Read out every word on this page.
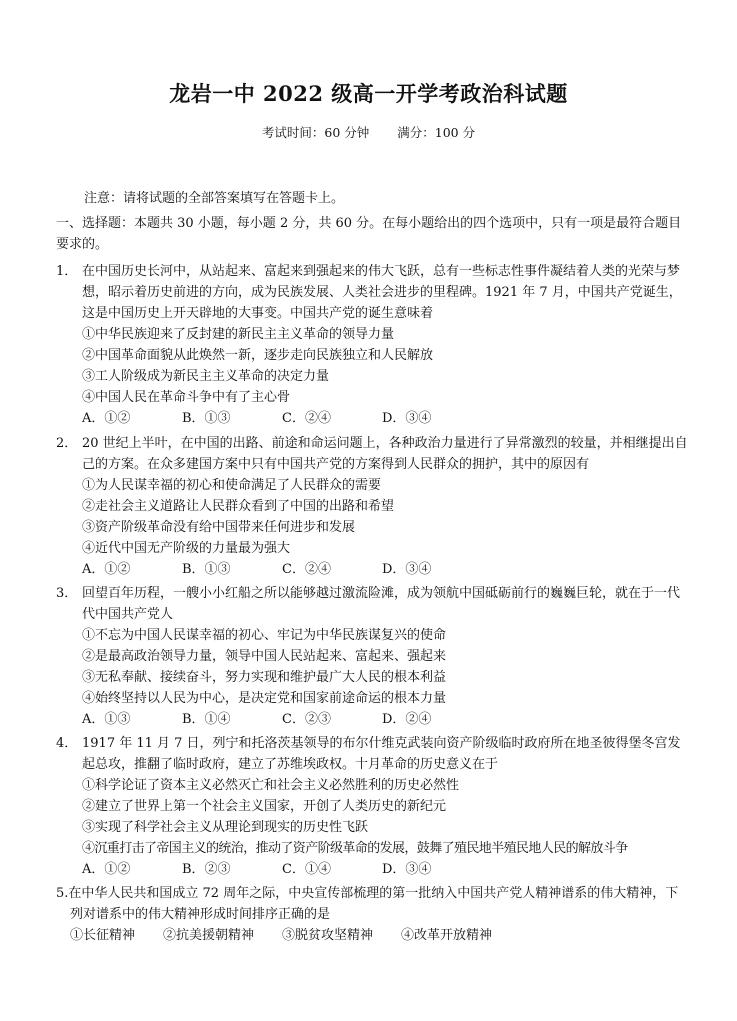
龙岩一中 2022 级高一开学考政治科试题

考试时间：60 分钟 满分：100 分

注意：请将试题的全部答案填写在答题卡上。

一、选择题：本题共 30 小题，每小题 2 分，共 60 分。在每小题给出的四个选项中，只有一项是最符合题目要求的。

1． 在中国历史长河中，从站起来、富起来到强起来的伟大飞跃，总有一些标志性事件凝结着人类的光荣与梦想，昭示着历史前进的方向，成为民族发展、人类社会进步的里程碑。1921 年 7 月，中国共产党诞生，这是中国历史上开天辟地的大事变。中国共产党的诞生意味着

①中华民族迎来了反封建的新民主主义革命的领导力量

②中国革命面貌从此焕然一新，逐步走向民族独立和人民解放

③工人阶级成为新民主主义革命的决定力量

④中国人民在革命斗争中有了主心骨

A．①②	B．①③	C．②④	D．③④

2． 20 世纪上半叶，在中国的出路、前途和命运问题上，各种政治力量进行了异常激烈的较量，并相继提出自己的方案。在众多建国方案中只有中国共产党的方案得到人民群众的拥护，其中的原因有

①为人民谋幸福的初心和使命满足了人民群众的需要

②走社会主义道路让人民群众看到了中国的出路和希望

③资产阶级革命没有给中国带来任何进步和发展

④近代中国无产阶级的力量最为强大

A．①②	B．①③	C．②④	D．③④

3． 回望百年历程，一艘小小红船之所以能够越过激流险滩，成为领航中国砥砺前行的巍巍巨轮，就在于一代代中国共产党人

①不忘为中国人民谋幸福的初心、牢记为中华民族谋复兴的使命

②是最高政治领导力量，领导中国人民站起来、富起来、强起来

③无私奉献、接续奋斗，努力实现和维护最广大人民的根本利益

④始终坚持以人民为中心，是决定党和国家前途命运的根本力量

A．①③	B．①④	C．②③	D．②④

4． 1917 年 11 月 7 日，列宁和托洛茨基领导的布尔什维克武装向资产阶级临时政府所在地圣彼得堡冬宫发起总攻，推翻了临时政府，建立了苏维埃政权。十月革命的历史意义在于

①科学论证了资本主义必然灭亡和社会主义必然胜利的历史必然性

②建立了世界上第一个社会主义国家，开创了人类历史的新纪元

③实现了科学社会主义从理论到现实的历史性飞跃

④沉重打击了帝国主义的统治，推动了资产阶级革命的发展，鼓舞了殖民地半殖民地人民的解放斗争

A．①②	B．②③	C．①④	D．③④

5.在中华人民共和国成立 72 周年之际，中央宣传部梳理的第一批纳入中国共产党人精神谱系的伟大精神，下列对谱系中的伟大精神形成时间排序正确的是

①长征精神 ②抗美援朝精神 ③脱贫攻坚精神 ④改革开放精神
